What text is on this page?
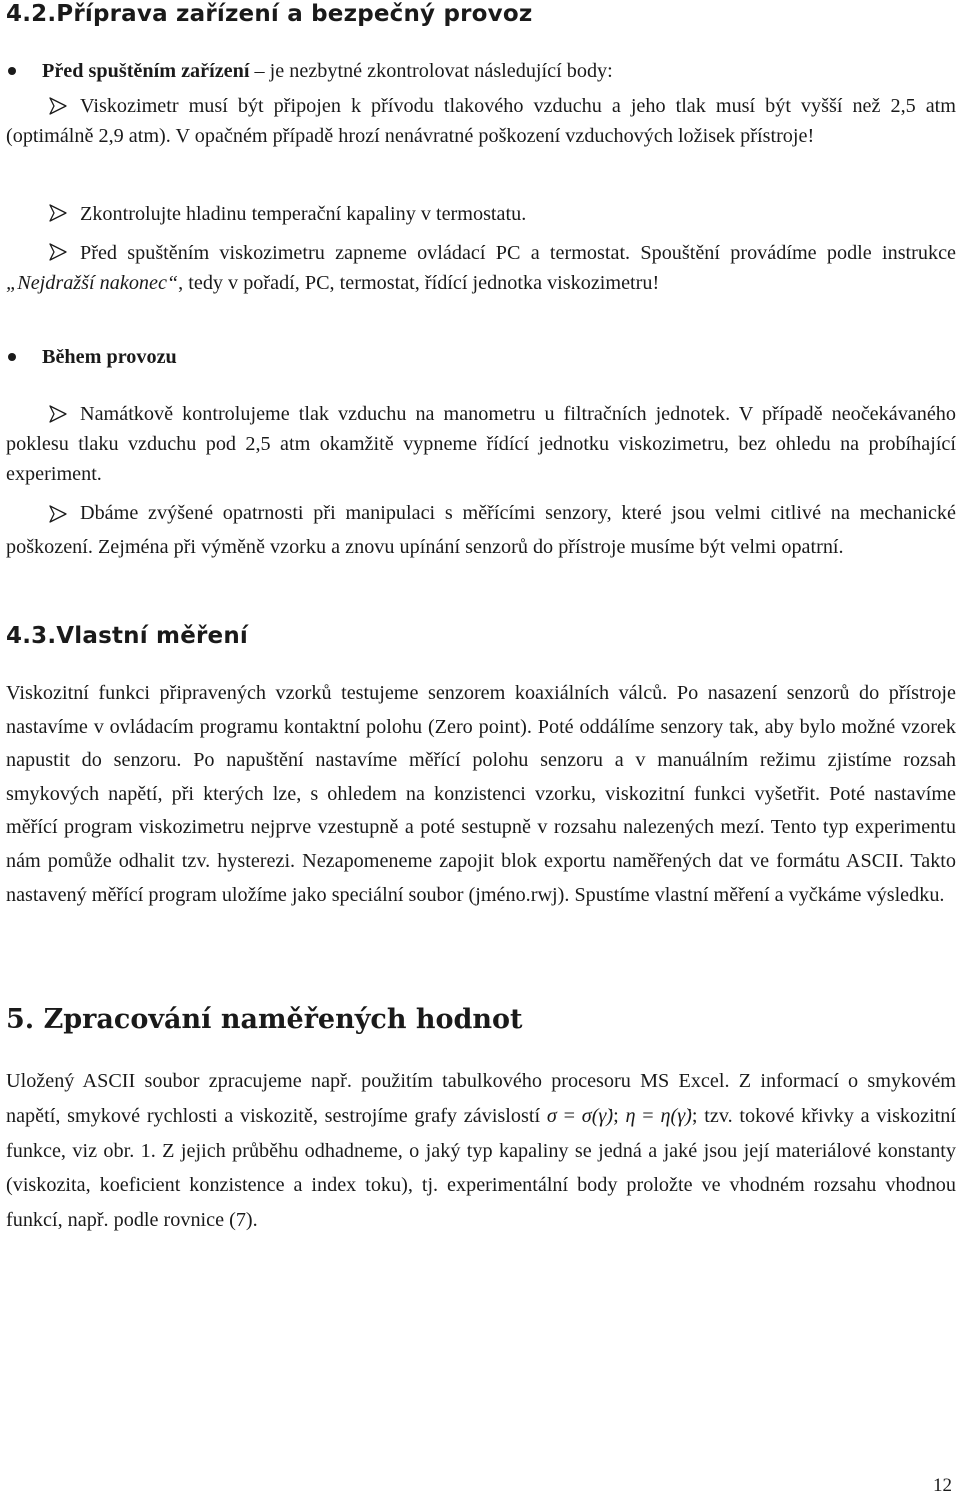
4.2.Příprava zařízení a bezpečný provoz
Před spuštěním zařízení – je nezbytné zkontrolovat následující body:

Viskozimetr musí být připojen k přívodu tlakového vzduchu a jeho tlak musí být vyšší než 2,5 atm (optimálně 2,9 atm). V opačném případě hrozí nenávratné poškození vzduchových ložisek přístroje!

Zkontrolujte hladinu temperační kapaliny v termostatu.

Před spuštěním viskozimetru zapneme ovládací PC a termostat. Spouštění provádíme podle instrukce „Nejdražší nakonec“, tedy v pořadí, PC, termostat, řídící jednotka viskozimetru!

Během provozu

Namátkově kontrolujeme tlak vzduchu na manometru u filtračních jednotek. V případě neočekávaného poklesu tlaku vzduchu pod 2,5 atm okamžitě vypneme řídící jednotku viskozimetru, bez ohledu na probíhající experiment.

Dbáme zvýšené opatrnosti při manipulaci s měřícími senzory, které jsou velmi citlivé na mechanické poškození. Zejména při výměně vzorku a znovu upínání senzorů do přístroje musíme být velmi opatrní.

4.3.Vlastní měření

Viskozitní funkci připravených vzorků testujeme senzorem koaxiálních válců. Po nasazení senzorů do přístroje nastavíme v ovládacím programu kontaktní polohu (Zero point). Poté oddálíme senzory tak, aby bylo možné vzorek napustit do senzoru. Po napuštění nastavíme měřící polohu senzoru a v manuálním režimu zjistíme rozsah smykových napětí, při kterých lze, s ohledem na konzistenci vzorku, viskozitní funkci vyšetřit. Poté nastavíme měřící program viskozimetru nejprve vzestupně a poté sestupně v rozsahu nalezených mezí. Tento typ experimentu nám pomůže odhalit tzv. hysterezi. Nezapomeneme zapojit blok exportu naměřených dat ve formátu ASCII. Takto nastavený měřící program uložíme jako speciální soubor (jméno.rwj). Spustíme vlastní měření a vyčkáme výsledku.

5. Zpracování naměřených hodnot

Uložený ASCII soubor zpracujeme např. použitím tabulkového procesoru MS Excel. Z informací o smykovém napětí, smykové rychlosti a viskozitě, sestrojíme grafy závislostí σ = σ(γ̇); η = η(γ̇); tzv. tokové křivky a viskozitní funkce, viz obr. 1. Z jejich průběhu odhadneme, o jaký typ kapaliny se jedná a jaké jsou její materiálové konstanty (viskozita, koeficient konzistence a index toku), tj. experimentální body proložte ve vhodném rozsahu vhodnou funkcí, např. podle rovnice (7).

12
